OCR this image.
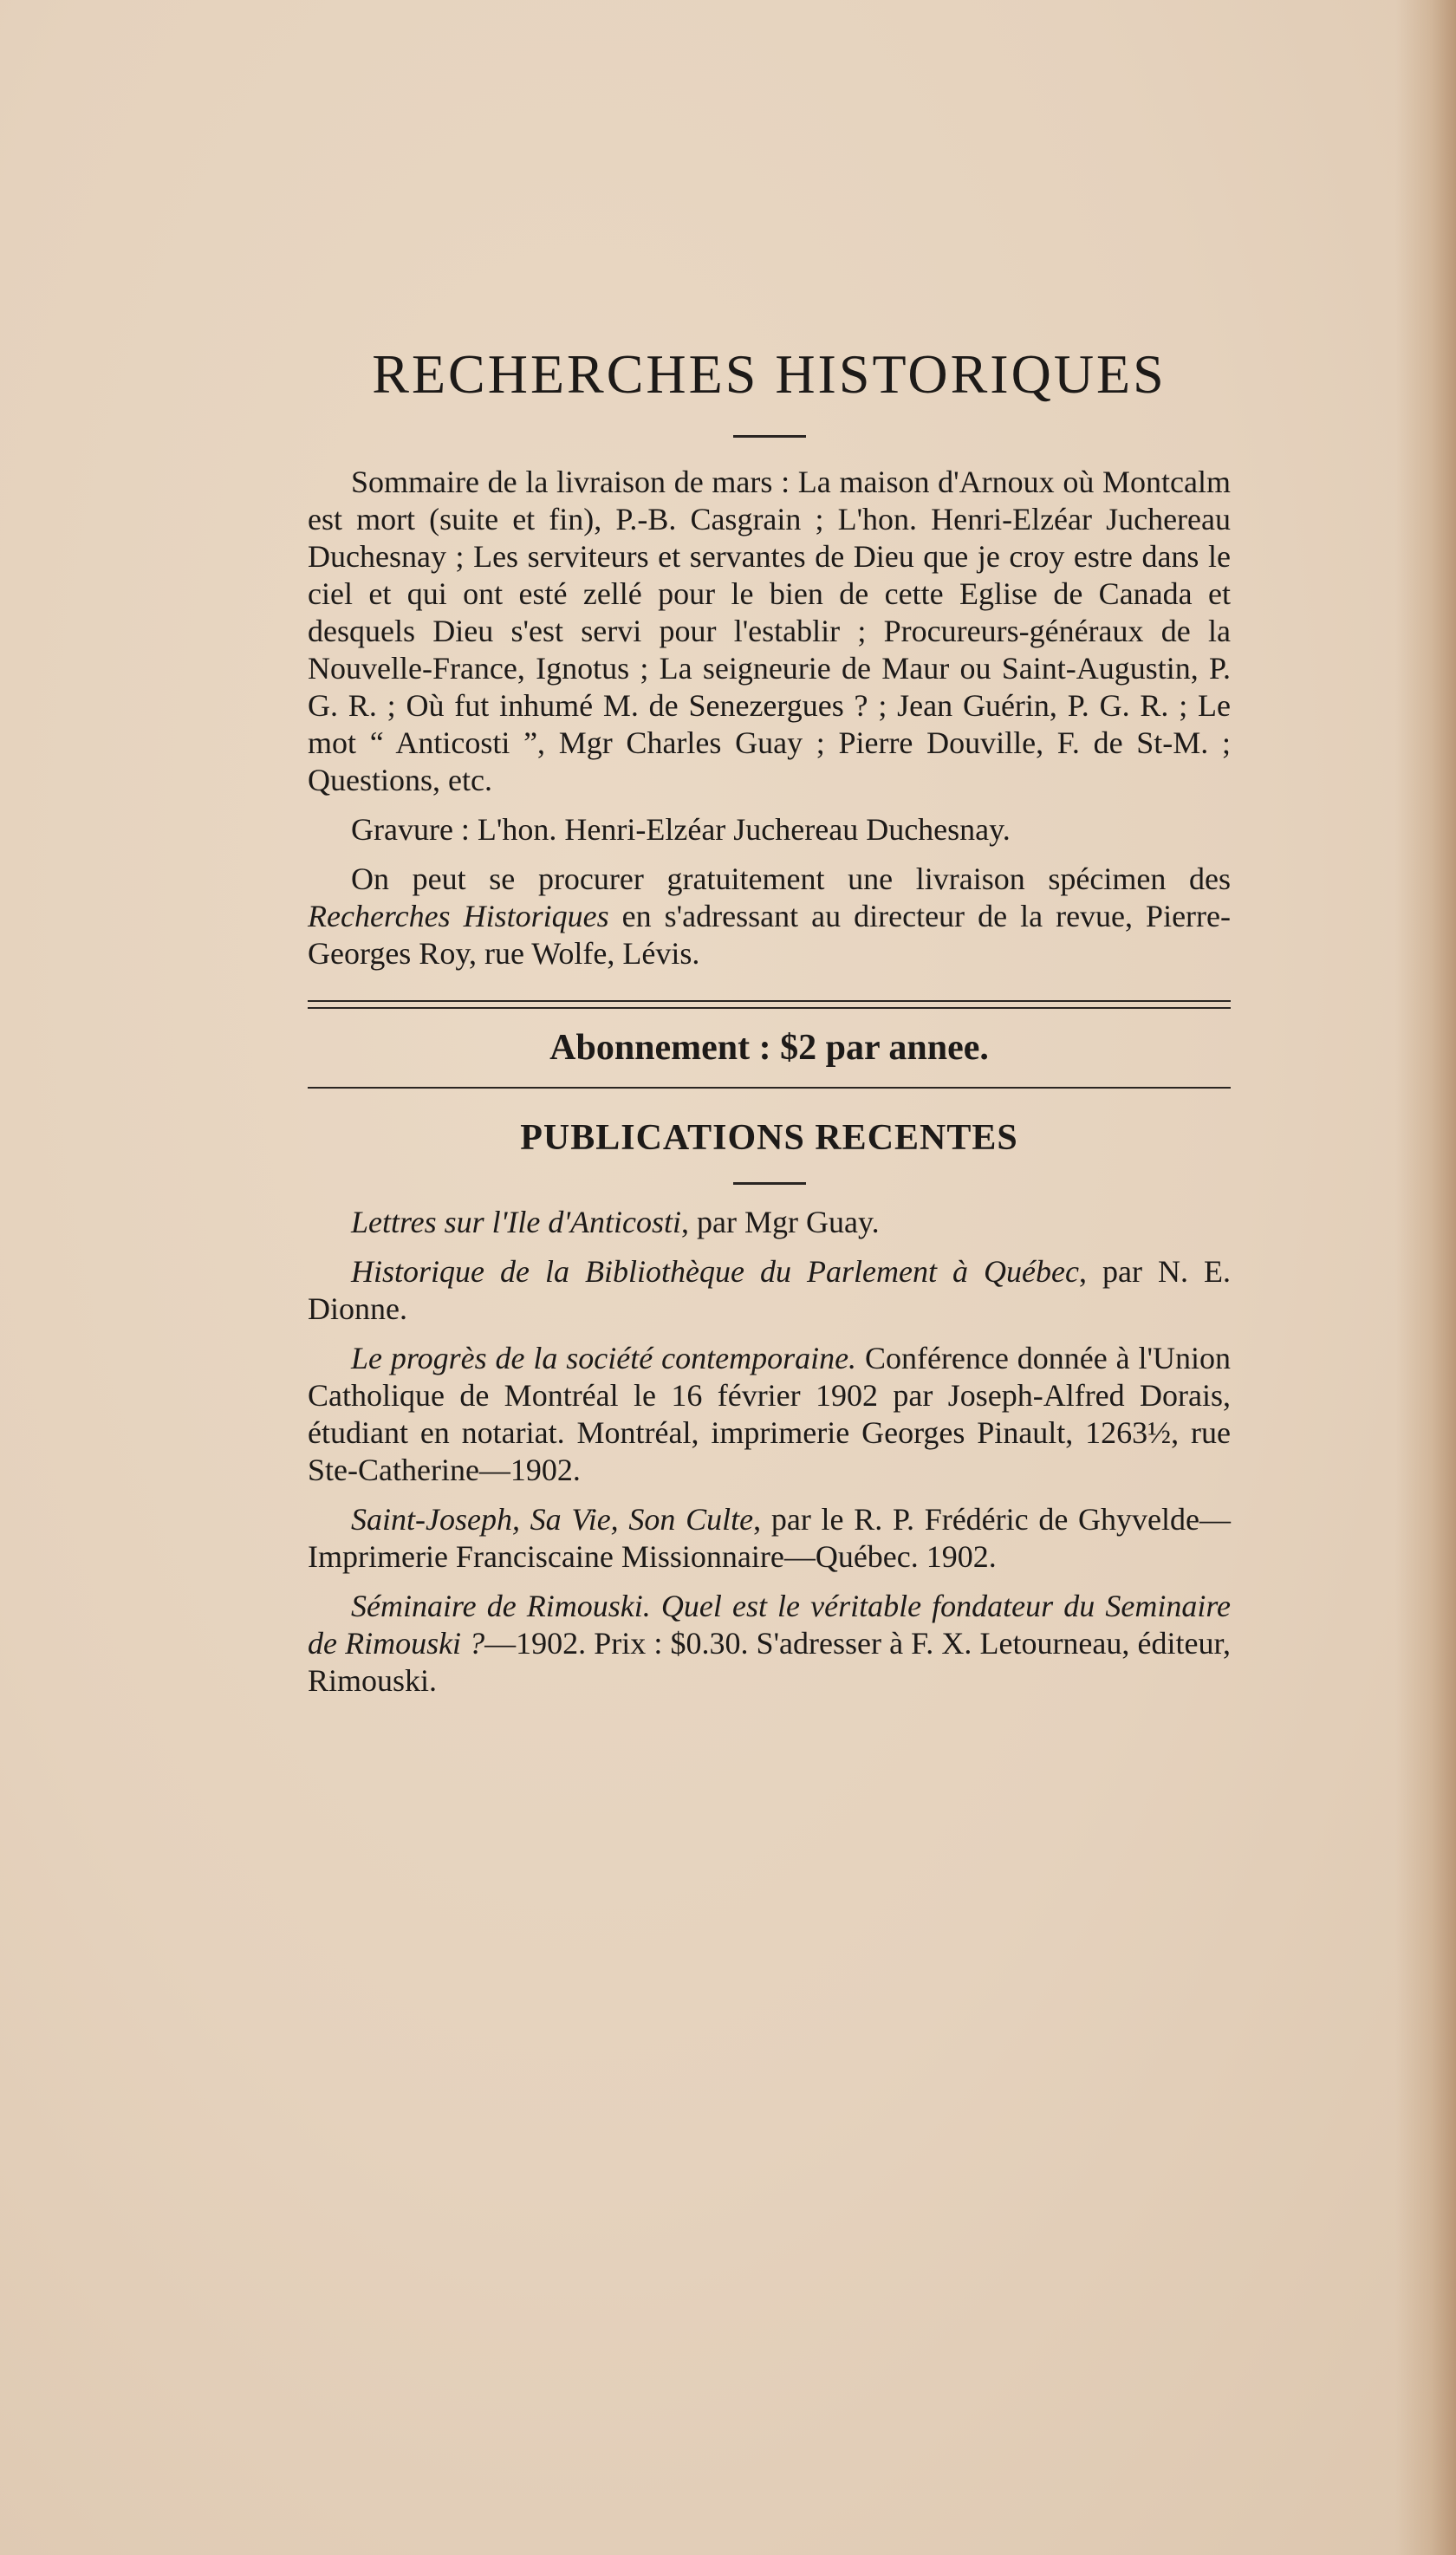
RECHERCHES HISTORIQUES

Sommaire de la livraison de mars : La maison d'Arnoux où Montcalm est mort (suite et fin), P.-B. Casgrain ; L'hon. Henri-Elzéar Juchereau Duchesnay ; Les serviteurs et servantes de Dieu que je croy estre dans le ciel et qui ont esté zellé pour le bien de cette Eglise de Canada et desquels Dieu s'est servi pour l'establir ; Procureurs-généraux de la Nouvelle-France, Ignotus ; La seigneurie de Maur ou Saint-Augustin, P. G. R. ; Où fut inhumé M. de Senezergues ? ; Jean Guérin, P. G. R. ; Le mot “ Anticosti ”, Mgr Charles Guay ; Pierre Douville, F. de St-M. ; Questions, etc.

Gravure : L'hon. Henri-Elzéar Juchereau Duchesnay.

On peut se procurer gratuitement une livraison spécimen des Recherches Historiques en s'adressant au directeur de la revue, Pierre-Georges Roy, rue Wolfe, Lévis.

Abonnement : $2 par annee.
PUBLICATIONS RECENTES

Lettres sur l'Ile d'Anticosti, par Mgr Guay.

Historique de la Bibliothèque du Parlement à Québec, par N. E. Dionne.

Le progrès de la société contemporaine. Conférence donnée à l'Union Catholique de Montréal le 16 février 1902 par Joseph-Alfred Dorais, étudiant en notariat. Montréal, imprimerie Georges Pinault, 1263½, rue Ste-Catherine—1902.

Saint-Joseph, Sa Vie, Son Culte, par le R. P. Frédéric de Ghyvelde—Imprimerie Franciscaine Missionnaire—Québec. 1902.

Séminaire de Rimouski. Quel est le véritable fondateur du Seminaire de Rimouski ?—1902. Prix : $0.30. S'adresser à F. X. Letourneau, éditeur, Rimouski.
